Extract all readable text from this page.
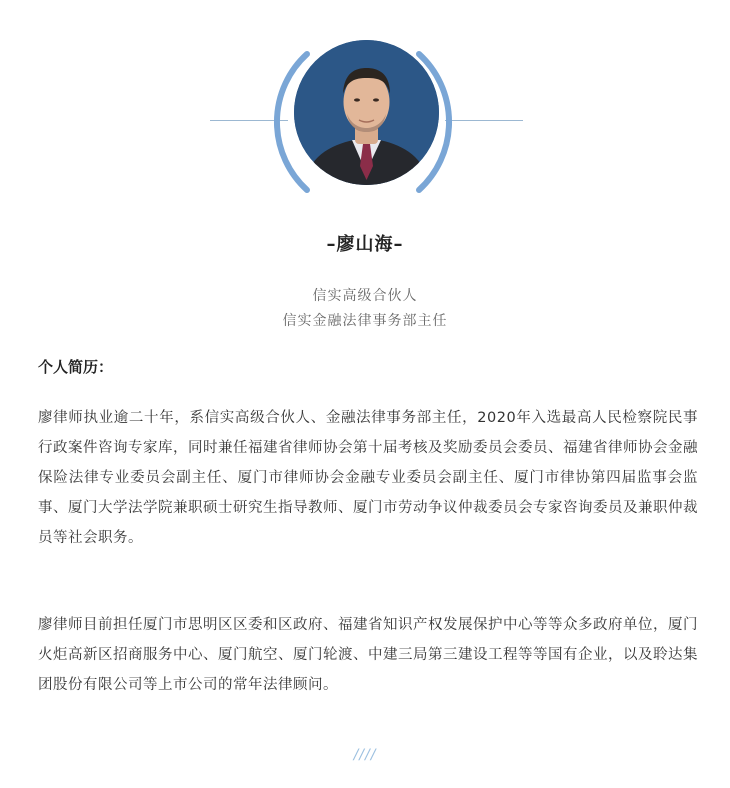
–廖山海–
信实高级合伙人
信实金融法律事务部主任
个人简历：
廖律师执业逾二十年，系信实高级合伙人、金融法律事务部主任，2020年入选最高人民检察院民事行政案件咨询专家库，同时兼任福建省律师协会第十届考核及奖励委员会委员、福建省律师协会金融保险法律专业委员会副主任、厦门市律师协会金融专业委员会副主任、厦门市律协第四届监事会监事、厦门大学法学院兼职硕士研究生指导教师、厦门市劳动争议仲裁委员会专家咨询委员及兼职仲裁员等社会职务。
廖律师目前担任厦门市思明区区委和区政府、福建省知识产权发展保护中心等等众多政府单位，厦门火炬高新区招商服务中心、厦门航空、厦门轮渡、中建三局第三建设工程等等国有企业，以及聆达集团股份有限公司等上市公司的常年法律顾问。
////
